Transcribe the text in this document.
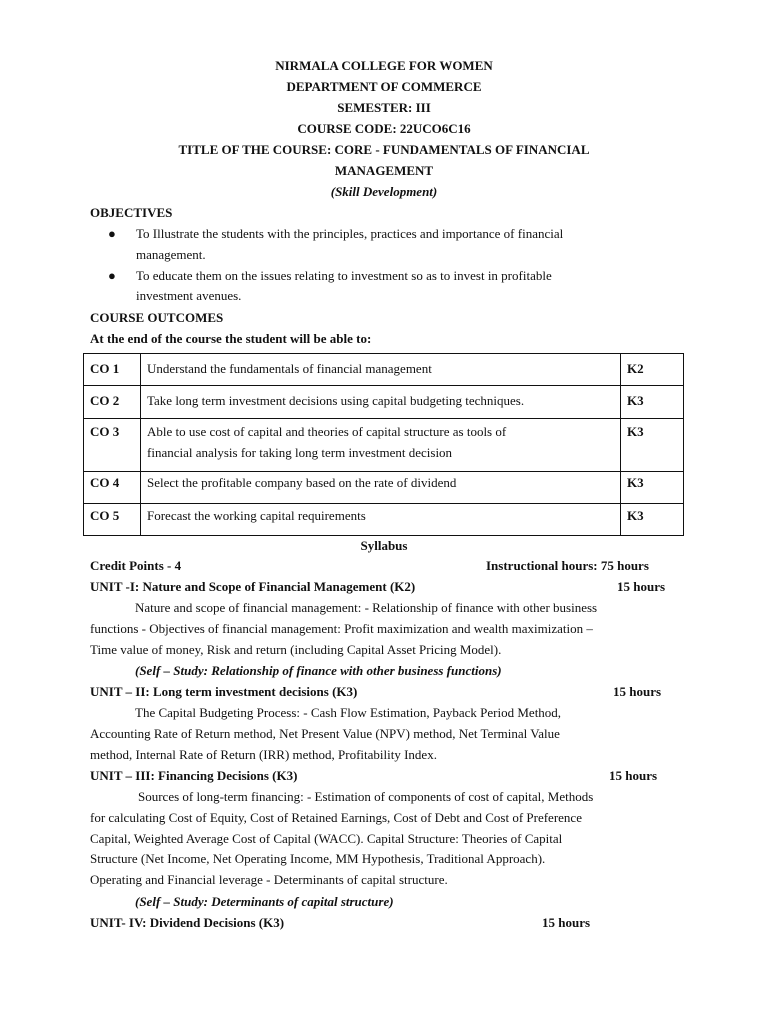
NIRMALA COLLEGE FOR WOMEN
DEPARTMENT OF COMMERCE
SEMESTER: III
COURSE CODE: 22UCO6C16
TITLE OF THE COURSE: CORE - FUNDAMENTALS OF FINANCIAL
MANAGEMENT
(Skill Development)
OBJECTIVES
● To Illustrate the students with the principles, practices and importance of financial
management.
● To educate them on the issues relating to investment so as to invest in profitable
investment avenues.
COURSE OUTCOMES
At the end of the course the student will be able to:
CO 1	Understand the fundamentals of financial management	K2
CO 2	Take long term investment decisions using capital budgeting techniques.	K3
CO 3	Able to use cost of capital and theories of capital structure as tools of
financial analysis for taking long term investment decision	K3
CO 4	Select the profitable company based on the rate of dividend	K3
CO 5	Forecast the working capital requirements	K3
Syllabus
Credit Points - 4	Instructional hours: 75 hours
UNIT -I: Nature and Scope of Financial Management (K2)	15 hours
Nature and scope of financial management: - Relationship of finance with other business
functions - Objectives of financial management: Profit maximization and wealth maximization –
Time value of money, Risk and return (including Capital Asset Pricing Model).
(Self – Study: Relationship of finance with other business functions)
UNIT – II: Long term investment decisions (K3)	15 hours
The Capital Budgeting Process: - Cash Flow Estimation, Payback Period Method,
Accounting Rate of Return method, Net Present Value (NPV) method, Net Terminal Value
method, Internal Rate of Return (IRR) method, Profitability Index.
UNIT – III: Financing Decisions (K3)	15 hours
Sources of long-term financing: - Estimation of components of cost of capital, Methods
for calculating Cost of Equity, Cost of Retained Earnings, Cost of Debt and Cost of Preference
Capital, Weighted Average Cost of Capital (WACC). Capital Structure: Theories of Capital
Structure (Net Income, Net Operating Income, MM Hypothesis, Traditional Approach).
Operating and Financial leverage - Determinants of capital structure.
(Self – Study: Determinants of capital structure)
UNIT- IV: Dividend Decisions (K3)	15 hours
